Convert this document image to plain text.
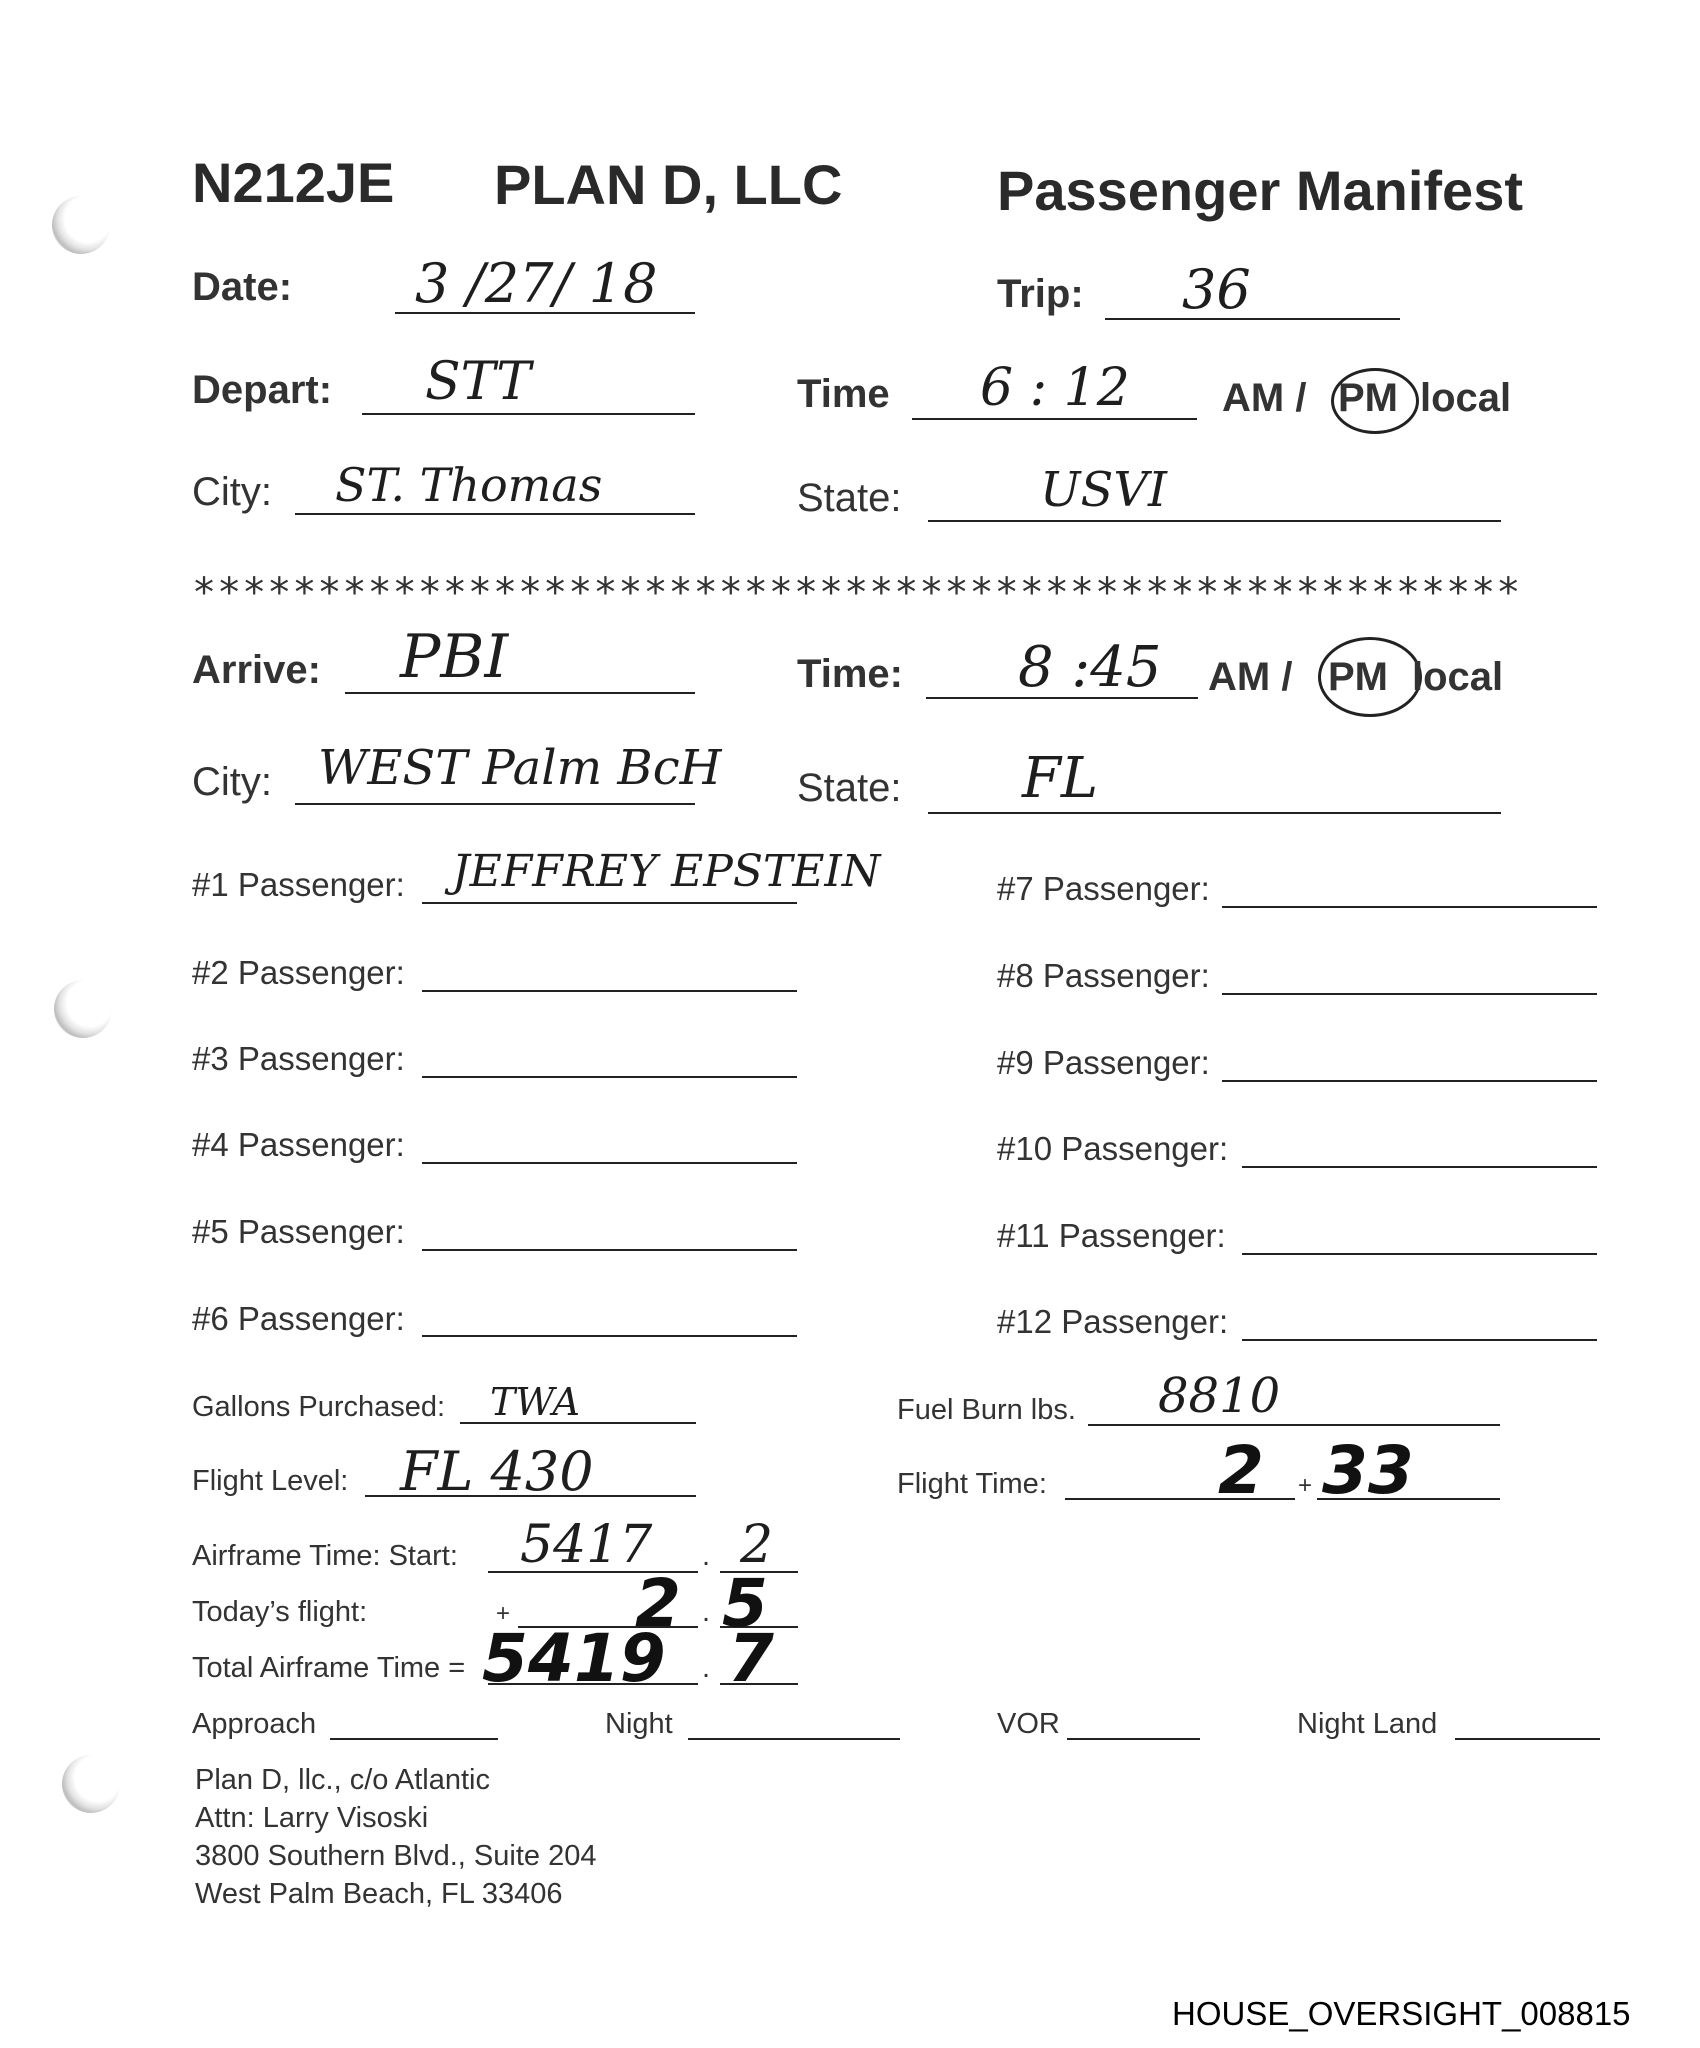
N212JE PLAN D, LLC	Passenger Manifest
Date: 3 /27/ 18	Trip: 36
Depart: STT	Time 6 : 12 AM / PM local
City: ST. Thomas	State:	USVI
*****************************************************
Arrive: PBI	Time: 8 :45 AM / PM local
City: WEST Palm BcH State: FL
#1 Passenger: JEFFREY EPSTEIN
#2 Passenger:
#3 Passenger:
#4 Passenger:
#5 Passenger:
#6 Passenger:
#7 Passenger:
#8 Passenger:
#9 Passenger:
#10 Passenger:
#11 Passenger:
#12 Passenger:
Gallons Purchased: TWA	Fuel Burn lbs. 8810
Flight Level: FL 430	Flight Time:	2 + 33
Airframe Time: Start: 5417 . 2
Today’s flight:	+ 2 . 5
Total Airframe Time = 5419 . 7
Approach	Night	VOR	Night Land
Plan D, llc., c/o Atlantic
Attn: Larry Visoski
3800 Southern Blvd., Suite 204
West Palm Beach, FL 33406
HOUSE_OVERSIGHT_008815
